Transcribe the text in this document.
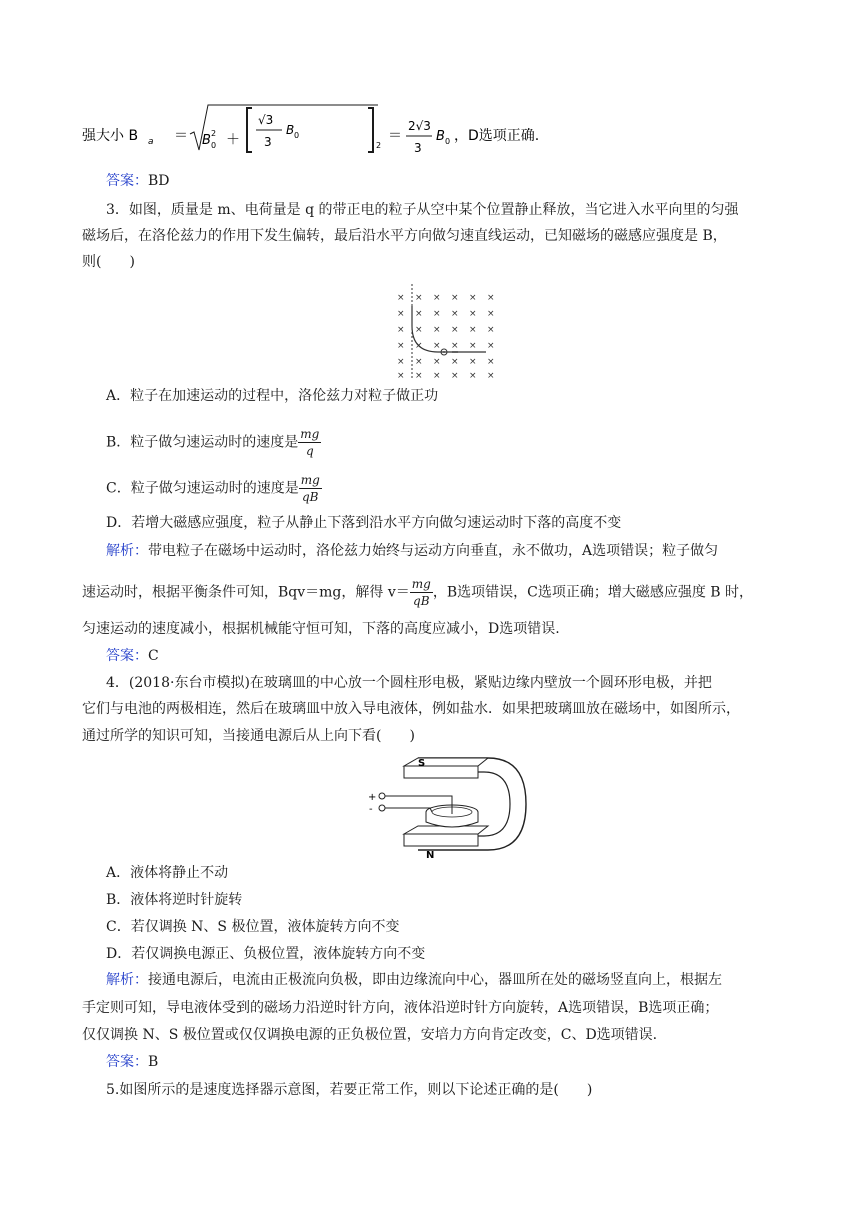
强大小 B a ＝ B 0
2 ＋
√3
3
B 0
2
＝
2√3
3
B 0 ，D选项正确.
答案：BD
3．如图，质量是 m、电荷量是 q 的带正电的粒子从空中某个位置静止释放，当它进入水平向里的匀强
磁场后，在洛伦兹力的作用下发生偏转，最后沿水平方向做匀速直线运动，已知磁场的磁感应强度是 B，
则(　　)
× × × × × ×
× × × × × ×
× × × × × ×
× × × × × ×
× × × × × ×
× × × × × ×
A．粒子在加速运动的过程中，洛伦兹力对粒子做正功
B．粒子做匀速运动时的速度是 $\frac{mg}{q}$
C．粒子做匀速运动时的速度是 $\frac{mg}{qB}$
D．若增大磁感应强度，粒子从静止下落到沿水平方向做匀速运动时下落的高度不变
解析：带电粒子在磁场中运动时，洛伦兹力始终与运动方向垂直，永不做功，A选项错误；粒子做匀
速运动时，根据平衡条件可知，Bqv＝mg，解得 $v= \frac{mg}{qB}$ ，B选项错误，C选项正确；增大磁感应强度 B 时，
匀速运动的速度减小，根据机械能守恒可知，下落的高度应减小，D选项错误.
答案：C
4．(2018·东台市模拟)在玻璃皿的中心放一个圆柱形电极，紧贴边缘内壁放一个圆环形电极，并把
它们与电池的两极相连，然后在玻璃皿中放入导电液体，例如盐水．如果把玻璃皿放在磁场中，如图所示，
通过所学的知识可知，当接通电源后从上向下看(　　)
S
N
+
-
A．液体将静止不动
B．液体将逆时针旋转
C．若仅调换 N、S 极位置，液体旋转方向不变
D．若仅调换电源正、负极位置，液体旋转方向不变
解析：接通电源后，电流由正极流向负极，即由边缘流向中心，器皿所在处的磁场竖直向上，根据左
手定则可知，导电液体受到的磁场力沿逆时针方向，液体沿逆时针方向旋转，A选项错误，B选项正确；
仅仅调换 N、S 极位置或仅仅调换电源的正负极位置，安培力方向肯定改变，C、D选项错误.
答案：B
5.如图所示的是速度选择器示意图，若要正常工作，则以下论述正确的是(　　)
